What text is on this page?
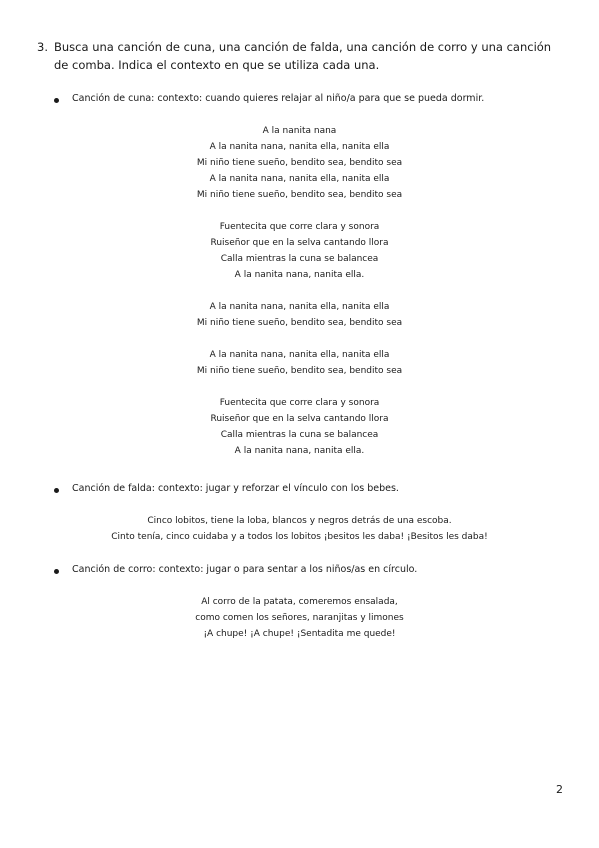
3. Busca una canción de cuna, una canción de falda, una canción de corro y una canción de comba. Indica el contexto en que se utiliza cada una.
Canción de cuna: contexto: cuando quieres relajar al niño/a para que se pueda dormir.
A la nanita nana
A la nanita nana, nanita ella, nanita ella
Mi niño tiene sueño, bendito sea, bendito sea
A la nanita nana, nanita ella, nanita ella
Mi niño tiene sueño, bendito sea, bendito sea
Fuentecita que corre clara y sonora
Ruiseñor que en la selva cantando llora
Calla mientras la cuna se balancea
A la nanita nana, nanita ella.
A la nanita nana, nanita ella, nanita ella
Mi niño tiene sueño, bendito sea, bendito sea
A la nanita nana, nanita ella, nanita ella
Mi niño tiene sueño, bendito sea, bendito sea
Fuentecita que corre clara y sonora
Ruiseñor que en la selva cantando llora
Calla mientras la cuna se balancea
A la nanita nana, nanita ella.
Canción de falda: contexto: jugar y reforzar el vínculo con los bebes.
Cinco lobitos, tiene la loba, blancos y negros detrás de una escoba.
Cinto tenía, cinco cuidaba y a todos los lobitos ¡besitos les daba! ¡Besitos les daba!
Canción de corro: contexto: jugar o para sentar a los niños/as en círculo.
Al corro de la patata, comeremos ensalada,
como comen los señores, naranjitas y limones
¡A chupe! ¡A chupe! ¡Sentadita me quede!
2
